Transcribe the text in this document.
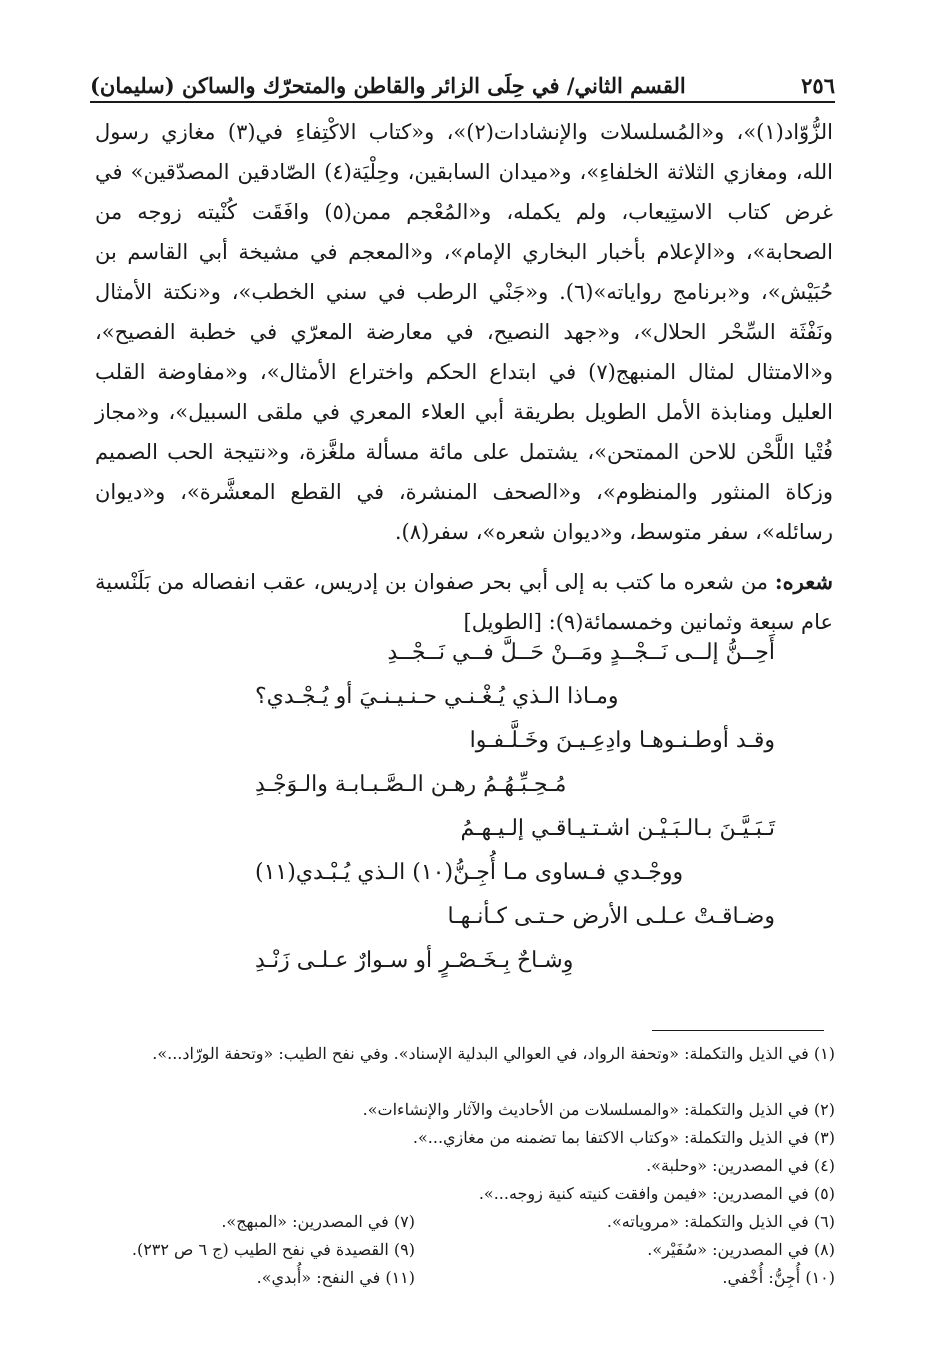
٢٥٦
القسم الثاني/ في حِلَى الزائر والقاطن والمتحرّك والساكن (سليمان)

الزُّوّاد(١)»، و«المُسلسلات والإنشادات(٢)»، و«كتاب الاكْتِفاءِ في(٣) مغازي رسول الله، ومغازي الثلاثة الخلفاءِ»، و«ميدان السابقين، وحِلْيَة(٤) الصّادقين المصدّقين» في غرض كتاب الاستِيعاب، ولم يكمله، و«المُعْجم ممن(٥) وافَقَت كُنْيته زوجه من الصحابة»، و«الإعلام بأخبار البخاري الإمام»، و«المعجم في مشيخة أبي القاسم بن حُبَيْش»، و«برنامج رواياته»(٦). و«جَنْي الرطب في سني الخطب»، و«نكتة الأمثال ونَفْثَة السِّحْر الحلال»، و«جهد النصيح، في معارضة المعرّي في خطبة الفصيح»، و«الامتثال لمثال المنبهج(٧) في ابتداع الحكم واختراع الأمثال»، و«مفاوضة القلب العليل ومنابذة الأمل الطويل بطريقة أبي العلاء المعري في ملقى السبيل»، و«مجاز فُتْيا اللَّحْن للاحن الممتحن»، يشتمل على مائة مسألة ملغَّزة، و«نتيجة الحب الصميم وزكاة المنثور والمنظوم»، و«الصحف المنشرة، في القطع المعشَّرة»، و«ديوان رسائله»، سفر متوسط، و«ديوان شعره»، سفر(٨).

شعره: من شعره ما كتب به إلى أبي بحر صفوان بن إدريس، عقب انفصاله من بَلَنْسية عام سبعة وثمانين وخمسمائة(٩): [الطويل]

أَحِــنُّ إلــى نَــجْــدٍ ومَــنْ حَــلَّ فــي نَــجْــدِ
ومـاذا الـذي يُـغْـنـي حـنـيـنـيَ أو يُـجْـدي؟
وقـد أوطـنـوهـا وادِعِـيـنَ وخَـلَّـفـوا
مُـحِـبِّـهُـمُ رهـن الـصَّـبـابـة والـوَجْـدِ
تَـبَـيَّـنَ بـالـبَـيْـن اشـتـيـاقـي إلـيـهـمُ
ووجْـدي فـساوى مـا أُجِـنُّ(١٠) الـذي يُـبْـدي(١١)
وضـاقـتْ عـلـى الأرض حـتـى كـأنـهـا
وِشـاحٌ بِـخَـصْـرٍ أو سـوارٌ عـلـى زَنْـدِ
(١) في الذيل والتكملة: «وتحفة الرواد، في العوالي البدلية الإسناد». وفي نفح الطيب: «وتحفة الورّاد...».
(٢) في الذيل والتكملة: «والمسلسلات من الأحاديث والآثار والإنشاءات».
(٣) في الذيل والتكملة: «وكتاب الاكتفا بما تضمنه من مغازي...».
(٤) في المصدرين: «وحلبة».
(٥) في المصدرين: «فيمن وافقت كنيته كنية زوجه...».
(٦) في الذيل والتكملة: «مروياته».
(٧) في المصدرين: «المبهج».
(٨) في المصدرين: «سُفَيْر».
(٩) القصيدة في نفح الطيب (ج ٦ ص ٢٣٢).
(١٠) أُجِنُّ: أُخْفي.
(١١) في النفح: «أُبدي».
